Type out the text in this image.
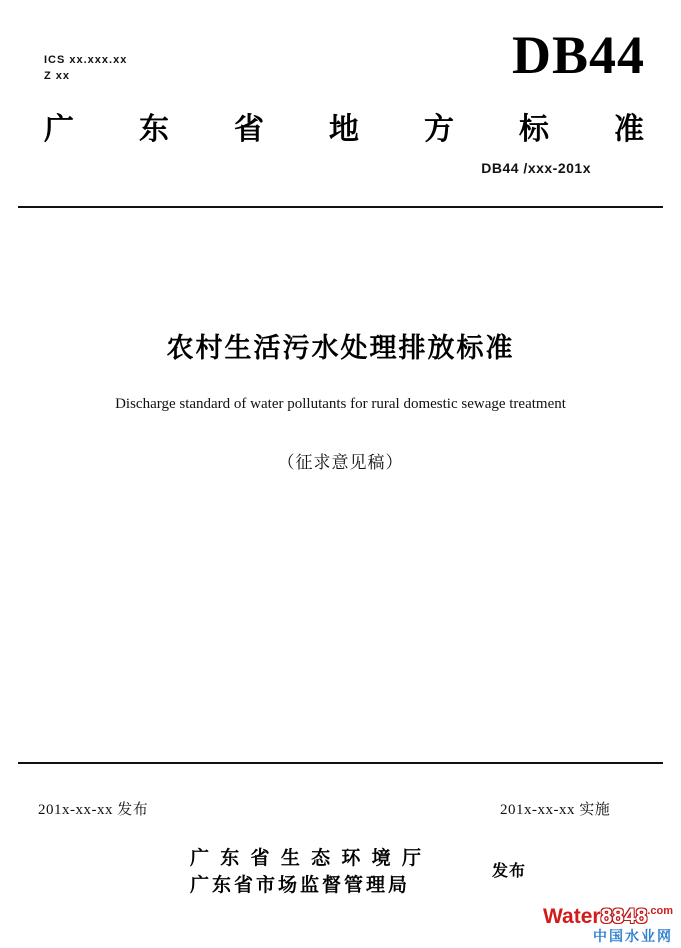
ICS xx.xxx.xx
Z xx	DB44
广 东 省 地 方 标 准
DB44 /xxx-201x
农村生活污水处理排放标准
Discharge standard of water pollutants for rural domestic sewage treatment
（征求意见稿）
201x-xx-xx 发布	201x-xx-xx 实施
广 东 省 生 态 环 境 厅
广东省市场监督管理局
发布
$Water8848^{.com}$
中国水业网
